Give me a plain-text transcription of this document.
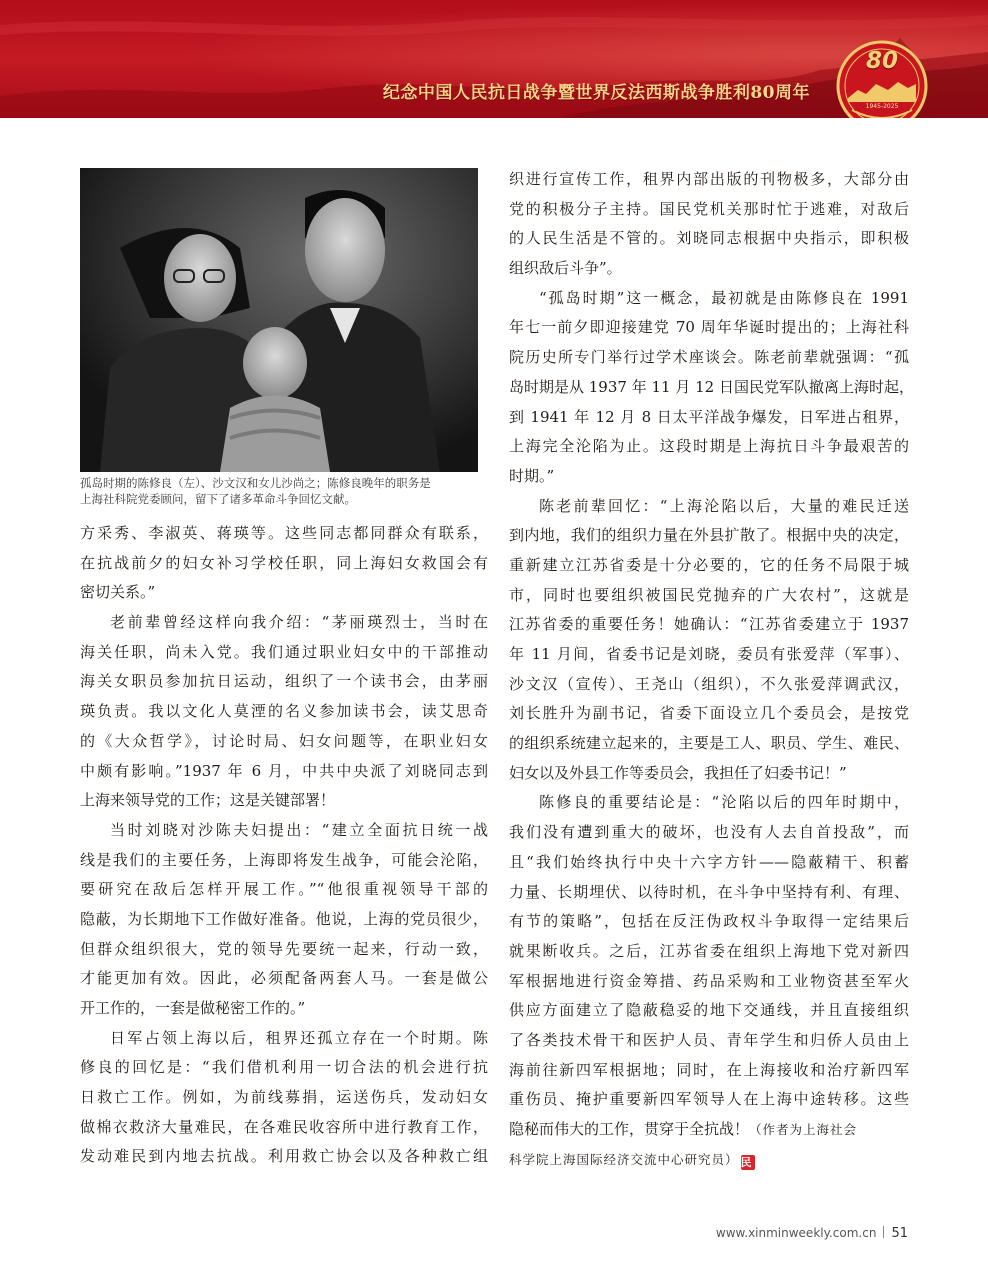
纪念中国人民抗日战争暨世界反法西斯战争胜利80周年
80
1945-2025

孤岛时期的陈修良（左）、沙文汉和女儿沙尚之；陈修良晚年的职务是

上海社科院党委顾问，留下了诸多革命斗争回忆文献。

方采秀、李淑英、蒋瑛等。这些同志都同群众有联系，
在抗战前夕的妇女补习学校任职，同上海妇女救国会有
密切关系。”
老前辈曾经这样向我介绍：“茅丽瑛烈士，当时在
海关任职，尚未入党。我们通过职业妇女中的干部推动
海关女职员参加抗日运动，组织了一个读书会，由茅丽
瑛负责。我以文化人莫湮的名义参加读书会，读艾思奇
的《大众哲学》，讨论时局、妇女问题等，在职业妇女
中颇有影响。”1937 年 6 月，中共中央派了刘晓同志到
上海来领导党的工作；这是关键部署！
当时刘晓对沙陈夫妇提出：“建立全面抗日统一战
线是我们的主要任务，上海即将发生战争，可能会沦陷，
要研究在敌后怎样开展工作。”“他很重视领导干部的
隐蔽，为长期地下工作做好准备。他说，上海的党员很少，
但群众组织很大，党的领导先要统一起来，行动一致，
才能更加有效。因此，必须配备两套人马。一套是做公
开工作的，一套是做秘密工作的。”
日军占领上海以后，租界还孤立存在一个时期。陈
修良的回忆是：“我们借机利用一切合法的机会进行抗
日救亡工作。例如，为前线募捐，运送伤兵，发动妇女
做棉衣救济大量难民，在各难民收容所中进行教育工作，
发动难民到内地去抗战。利用救亡协会以及各种救亡组
织进行宣传工作，租界内部出版的刊物极多，大部分由
党的积极分子主持。国民党机关那时忙于逃难，对敌后
的人民生活是不管的。刘晓同志根据中央指示，即积极
组织敌后斗争”。
“孤岛时期”这一概念，最初就是由陈修良在 1991
年七一前夕即迎接建党 70 周年华诞时提出的；上海社科
院历史所专门举行过学术座谈会。陈老前辈就强调：“孤
岛时期是从 1937 年 11 月 12 日国民党军队撤离上海时起，
到 1941 年 12 月 8 日太平洋战争爆发，日军进占租界，
上海完全沦陷为止。这段时期是上海抗日斗争最艰苦的
时期。”
陈老前辈回忆：“上海沦陷以后，大量的难民迁送
到内地，我们的组织力量在外县扩散了。根据中央的决定，
重新建立江苏省委是十分必要的，它的任务不局限于城
市，同时也要组织被国民党抛弃的广大农村”，这就是
江苏省委的重要任务！她确认：“江苏省委建立于 1937
年 11 月间，省委书记是刘晓，委员有张爱萍（军事）、
沙文汉（宣传）、王尧山（组织），不久张爱萍调武汉，
刘长胜升为副书记，省委下面设立几个委员会，是按党
的组织系统建立起来的，主要是工人、职员、学生、难民、
妇女以及外县工作等委员会，我担任了妇委书记！”
陈修良的重要结论是：“沦陷以后的四年时期中，
我们没有遭到重大的破坏，也没有人去自首投敌”，而
且“我们始终执行中央十六字方针——隐蔽精干、积蓄
力量、长期埋伏、以待时机，在斗争中坚持有利、有理、
有节的策略”，包括在反汪伪政权斗争取得一定结果后
就果断收兵。之后，江苏省委在组织上海地下党对新四
军根据地进行资金筹措、药品采购和工业物资甚至军火
供应方面建立了隐蔽稳妥的地下交通线，并且直接组织
了各类技术骨干和医护人员、青年学生和归侨人员由上
海前往新四军根据地；同时，在上海接收和治疗新四军
重伤员、掩护重要新四军领导人在上海中途转移。这些
隐秘而伟大的工作，贯穿于全抗战！（作者为上海社会
科学院上海国际经济交流中心研究员） 民
www.xinminweekly.com.cn 51
